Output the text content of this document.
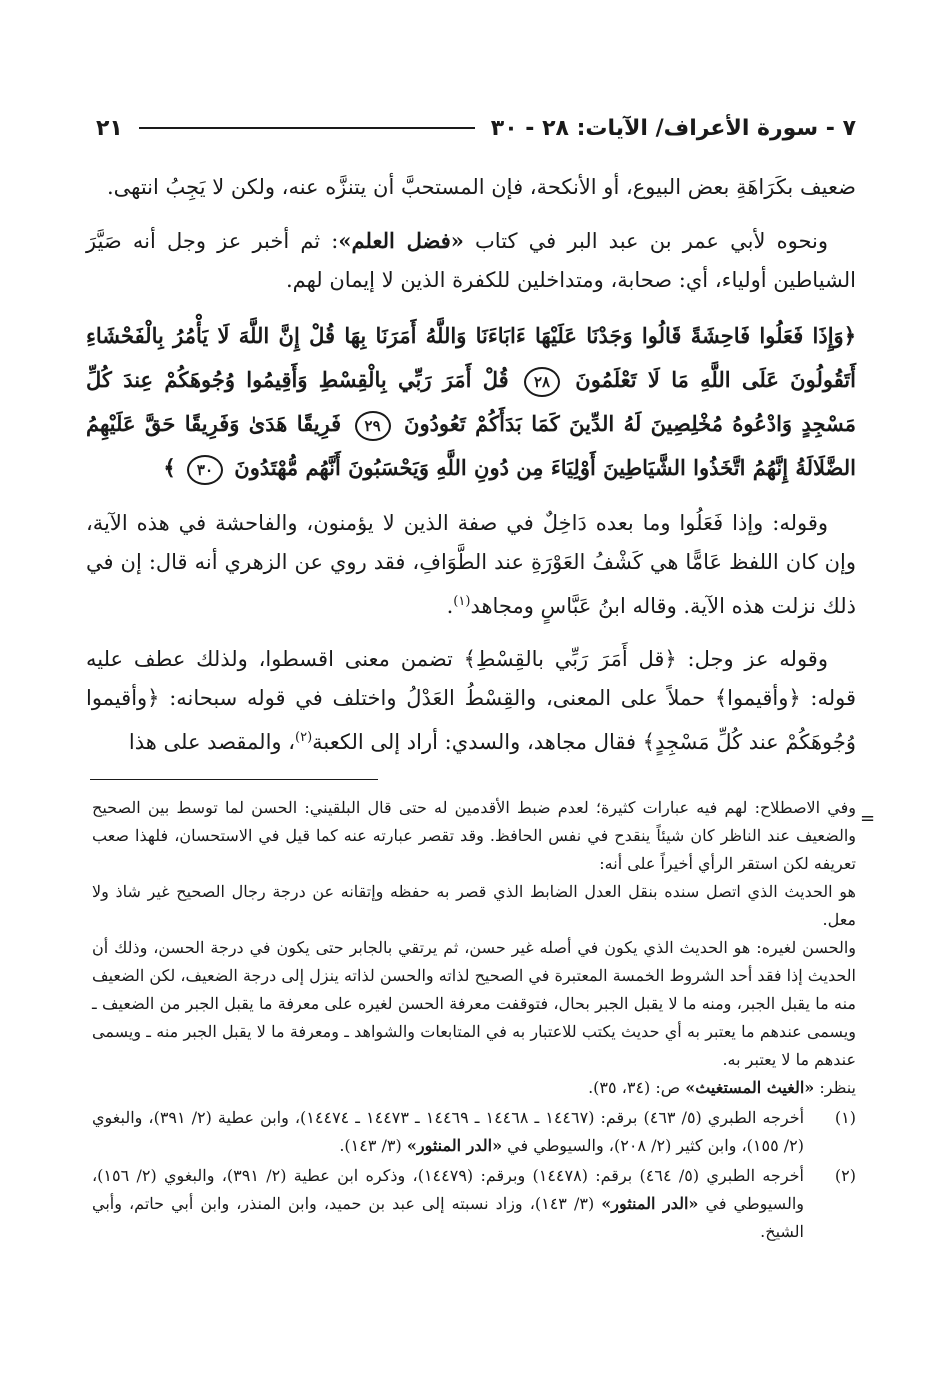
٧ - سورة الأعراف/ الآيات: ٢٨ - ٣٠
٢١

ضعيف بكَرَاهَةِ بعض البيوع، أو الأنكحة، فإن المستحبَّ أن يتنزَّه عنه، ولكن لا يَجِبُ انتهى.

ونحوه لأبي عمر بن عبد البر في كتاب «فضل العلم»: ثم أخبر عز وجل أنه صَيَّرَ الشياطين أولياء، أي: صحابة، ومتداخلين للكفرة الذين لا إيمان لهم.

﴿وَإِذَا فَعَلُوا فَاحِشَةً قَالُوا وَجَدْنَا عَلَيْهَا ءَابَاءَنَا وَاللَّهُ أَمَرَنَا بِهَا قُلْ إِنَّ اللَّهَ لَا يَأْمُرُ بِالْفَحْشَاءِ أَتَقُولُونَ عَلَى اللَّهِ مَا لَا تَعْلَمُونَ ٢٨ قُلْ أَمَرَ رَبِّي بِالْقِسْطِ وَأَقِيمُوا وُجُوهَكُمْ عِندَ كُلِّ مَسْجِدٍ وَادْعُوهُ مُخْلِصِينَ لَهُ الدِّينَ كَمَا بَدَأَكُمْ تَعُودُونَ ٢٩ فَرِيقًا هَدَىٰ وَفَرِيقًا حَقَّ عَلَيْهِمُ الضَّلَالَةُ إِنَّهُمُ اتَّخَذُوا الشَّيَاطِينَ أَوْلِيَاءَ مِن دُونِ اللَّهِ وَيَحْسَبُونَ أَنَّهُم مُّهْتَدُونَ ٣٠ ﴾

وقوله: وإذا فَعَلُوا وما بعده دَاخِلٌ في صفة الذين لا يؤمنون، والفاحشة في هذه الآية، وإن كان اللفظ عَامًّا هي كَشْفُ العَوْرَةِ عند الطَّوَافِ، فقد روي عن الزهري أنه قال: إن في ذلك نزلت هذه الآية. وقاله ابنُ عَبَّاسٍ ومجاهد$^{(١)}$.

وقوله عز وجل: ﴿قل أَمَرَ رَبِّي بالقِسْطِ﴾ تضمن معنى اقسطوا، ولذلك عطف عليه قوله: ﴿وأقيموا﴾ حملاً على المعنى، والقِسْطُ العَدْلُ واختلف في قوله سبحانه: ﴿وأقيموا وُجُوهَكُمْ عند كُلِّ مَسْجِدٍ﴾ فقال مجاهد، والسدي: أراد إلى الكعبة$^{(٢)}$، والمقصد على هذا

=

وفي الاصطلاح: لهم فيه عبارات كثيرة؛ لعدم ضبط الأقدمين له حتى قال البلقيني: الحسن لما توسط بين الصحيح والضعيف عند الناظر كان شيئاً ينقدح في نفس الحافظ. وقد تقصر عبارته عنه كما قيل في الاستحسان، فلهذا صعب تعريفه لكن استقر الرأي أخيراً على أنه:

هو الحديث الذي اتصل سنده بنقل العدل الضابط الذي قصر به حفظه وإتقانه عن درجة رجال الصحيح غير شاذ ولا معل.

والحسن لغيره: هو الحديث الذي يكون في أصله غير حسن، ثم يرتقي بالجابر حتى يكون في درجة الحسن، وذلك أن الحديث إذا فقد أحد الشروط الخمسة المعتبرة في الصحيح لذاته والحسن لذاته ينزل إلى درجة الضعيف، لكن الضعيف منه ما يقبل الجبر، ومنه ما لا يقبل الجبر بحال، فتوقفت معرفة الحسن لغيره على معرفة ما يقبل الجبر من الضعيف ـ ويسمى عندهم ما يعتبر به أي حديث يكتب للاعتبار به في المتابعات والشواهد ـ ومعرفة ما لا يقبل الجبر منه ـ ويسمى عندهم ما لا يعتبر به.

ينظر: «الغيث المستغيث» ص: (٣٤، ٣٥).

(١)
أخرجه الطبري (٥/ ٤٦٣) برقم: (١٤٤٦٧ ـ ١٤٤٦٨ ـ ١٤٤٦٩ ـ ١٤٤٧٣ ـ ١٤٤٧٤)، وابن عطية (٢/ ٣٩١)، والبغوي (٢/ ١٥٥)، وابن كثير (٢/ ٢٠٨)، والسيوطي في «الدر المنثور» (٣/ ١٤٣).
(٢)
أخرجه الطبري (٥/ ٤٦٤) برقم: (١٤٤٧٨) وبرقم: (١٤٤٧٩)، وذكره ابن عطية (٢/ ٣٩١)، والبغوي (٢/ ١٥٦)، والسيوطي في «الدر المنثور» (٣/ ١٤٣)، وزاد نسبته إلى عبد بن حميد، وابن المنذر، وابن أبي حاتم، وأبي الشيخ.
